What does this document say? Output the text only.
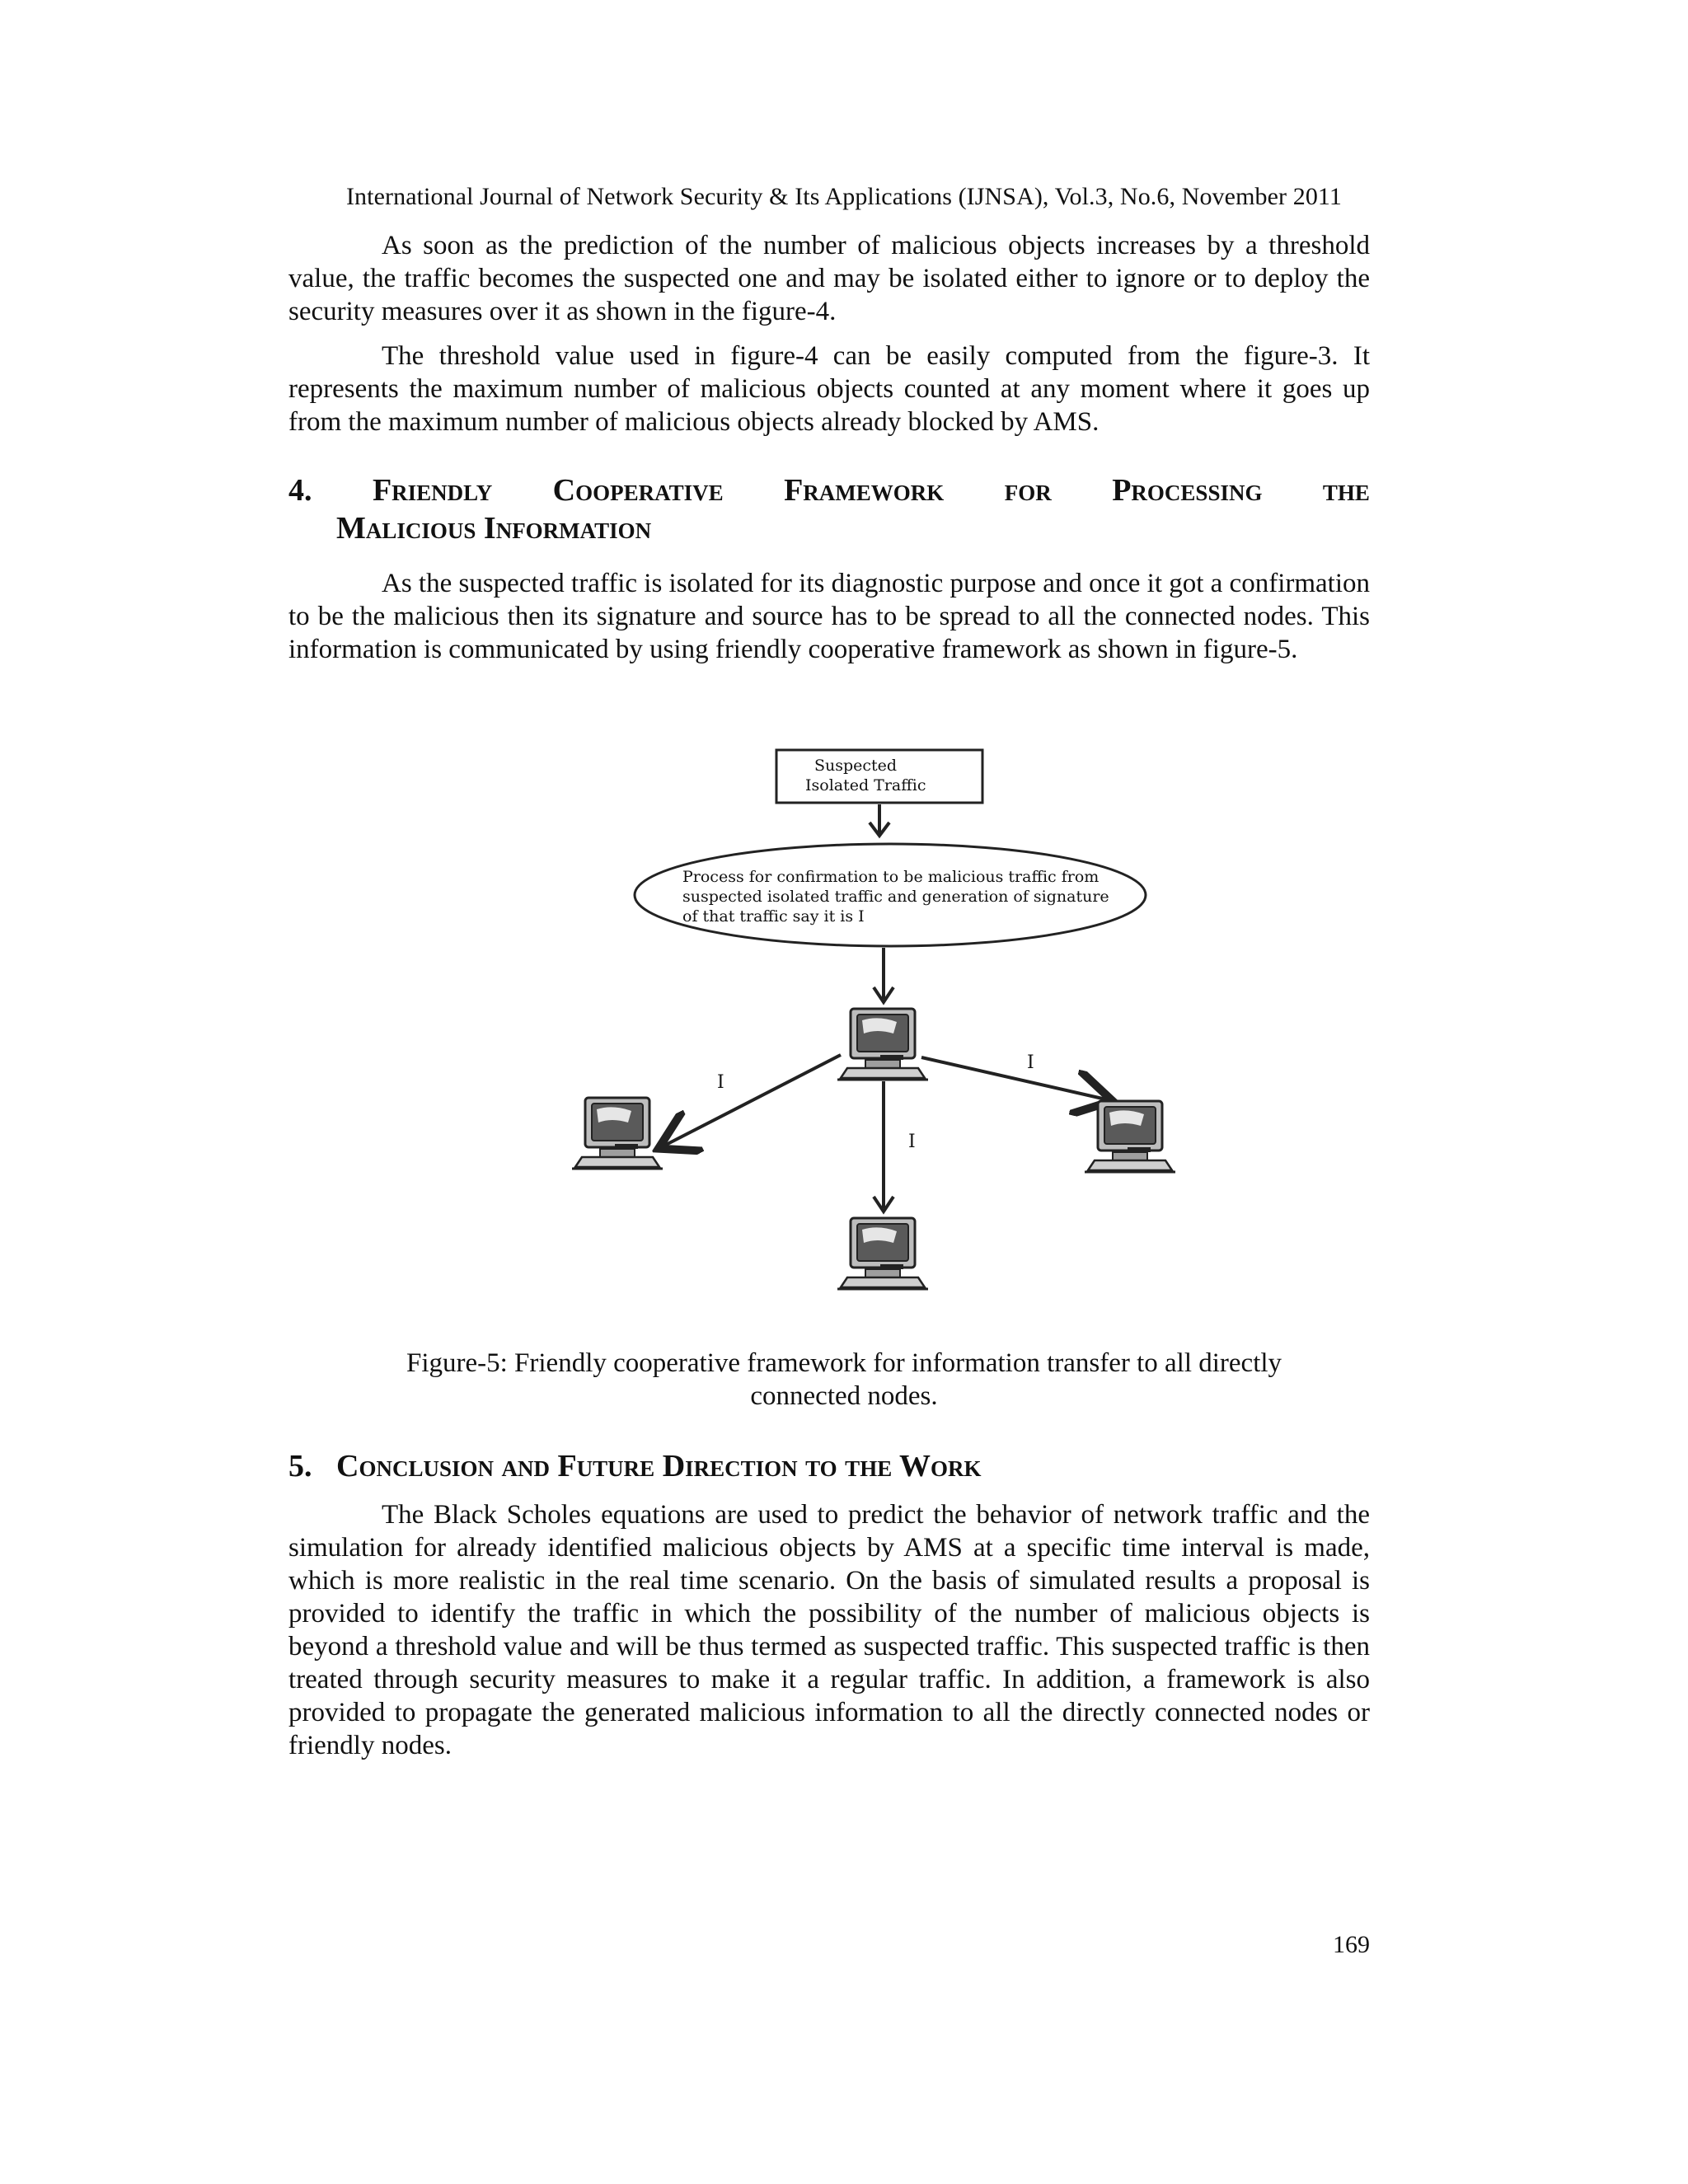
International Journal of Network Security & Its Applications (IJNSA), Vol.3, No.6, November 2011

As soon as the prediction of the number of malicious objects increases by a threshold value, the traffic becomes the suspected one and may be isolated either to ignore or to deploy the security measures over it as shown in the figure-4.

The threshold value used in figure-4 can be easily computed from the figure-3. It represents the maximum number of malicious objects counted at any moment where it goes up from the maximum number of malicious objects already blocked by AMS.

4. Friendly Cooperative Framework for Processing the
Malicious Information

As the suspected traffic is isolated for its diagnostic purpose and once it got a confirmation to be the malicious then its signature and source has to be spread to all the connected nodes. This information is communicated by using friendly cooperative framework as shown in figure-5.

Suspected
Isolated Traffic
Process for confirmation to be malicious traffic from
suspected isolated traffic and generation of signature
of that traffic say it is I
I
I
I
Figure-5: Friendly cooperative framework for information transfer to all directly
connected nodes.
5. Conclusion and Future Direction to the Work

The Black Scholes equations are used to predict the behavior of network traffic and the simulation for already identified malicious objects by AMS at a specific time interval is made, which is more realistic in the real time scenario. On the basis of simulated results a proposal is provided to identify the traffic in which the possibility of the number of malicious objects is beyond a threshold value and will be thus termed as suspected traffic. This suspected traffic is then treated through security measures to make it a regular traffic. In addition, a framework is also provided to propagate the generated malicious information to all the directly connected nodes or friendly nodes.

169
